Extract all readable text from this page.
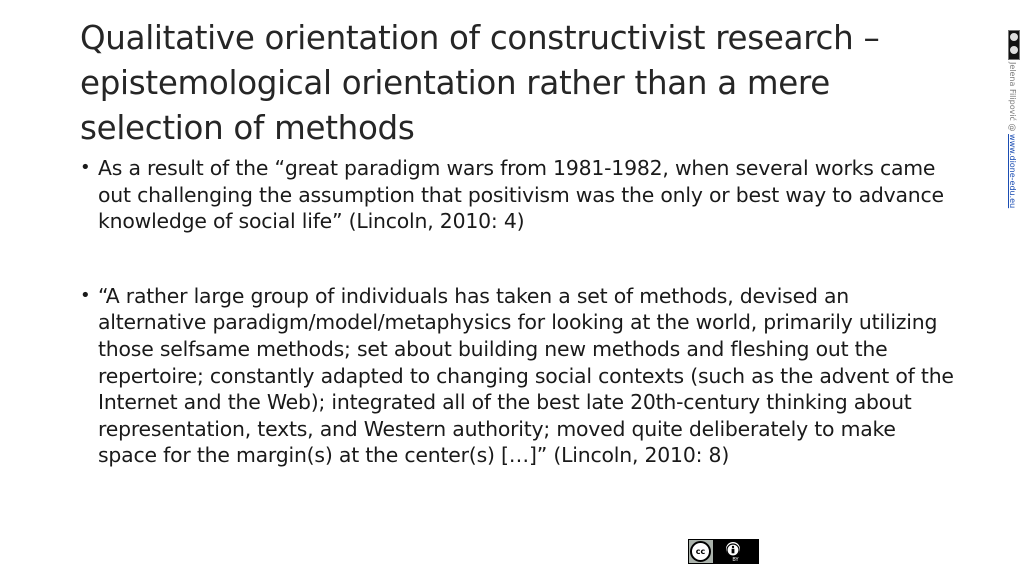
Qualitative orientation of constructivist research – epistemological orientation rather than a mere selection of methods
• As a result of the “great paradigm wars from 1981-1982, when several works came out challenging the assumption that positivism was the only or best way to advance knowledge of social life” (Lincoln, 2010: 4)
• “A rather large group of individuals has taken a set of methods, devised an alternative paradigm/model/metaphysics for looking at the world, primarily utilizing those selfsame methods; set about building new methods and fleshing out the repertoire; constantly adapted to changing social contexts (such as the advent of the Internet and the Web); integrated all of the best late 20th-century thinking about representation, texts, and Western authority; moved quite deliberately to make space for the margin(s) at the center(s) […]” (Lincoln, 2010: 8)
Jelena Filipović @ www.dione-edu.eu
cc
BY
